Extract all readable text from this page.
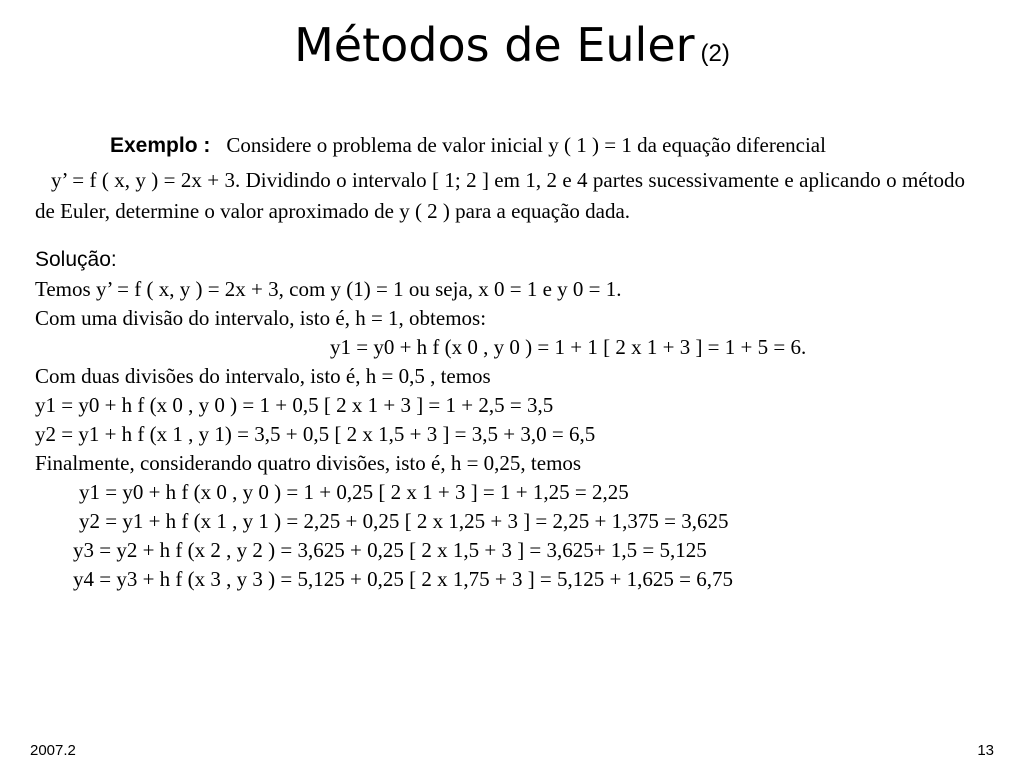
Métodos de Euler (2)
Exemplo : Considere o problema de valor inicial y ( 1 ) = 1 da equação diferencial
y’ = f ( x, y ) = 2x + 3. Dividindo o intervalo [ 1; 2 ] em 1, 2 e 4 partes sucessivamente e aplicando o método de Euler, determine o valor aproximado de y ( 2 ) para a equação dada.
Solução:
Temos y’ = f ( x, y ) = 2x + 3, com y (1) = 1 ou seja, x 0 = 1 e y 0 = 1.
Com uma divisão do intervalo, isto é, h = 1, obtemos:
y1 = y0 + h f (x 0 , y 0 ) = 1 + 1 [ 2 x 1 + 3 ] = 1 + 5 = 6.
Com duas divisões do intervalo, isto é, h = 0,5 , temos
y1 = y0 + h f (x 0 , y 0 ) = 1 + 0,5 [ 2 x 1 + 3 ] = 1 + 2,5 = 3,5
y2 = y1 + h f (x 1 , y 1) = 3,5 + 0,5 [ 2 x 1,5 + 3 ] = 3,5 + 3,0 = 6,5
Finalmente, considerando quatro divisões, isto é, h = 0,25, temos
y1 = y0 + h f (x 0 , y 0 ) = 1 + 0,25 [ 2 x 1 + 3 ] = 1 + 1,25 = 2,25
y2 = y1 + h f (x 1 , y 1 ) = 2,25 + 0,25 [ 2 x 1,25 + 3 ] = 2,25 + 1,375 = 3,625
y3 = y2 + h f (x 2 , y 2 ) = 3,625 + 0,25 [ 2 x 1,5 + 3 ] = 3,625+ 1,5 = 5,125
y4 = y3 + h f (x 3 , y 3 ) = 5,125 + 0,25 [ 2 x 1,75 + 3 ] = 5,125 + 1,625 = 6,75
2007.2	13
